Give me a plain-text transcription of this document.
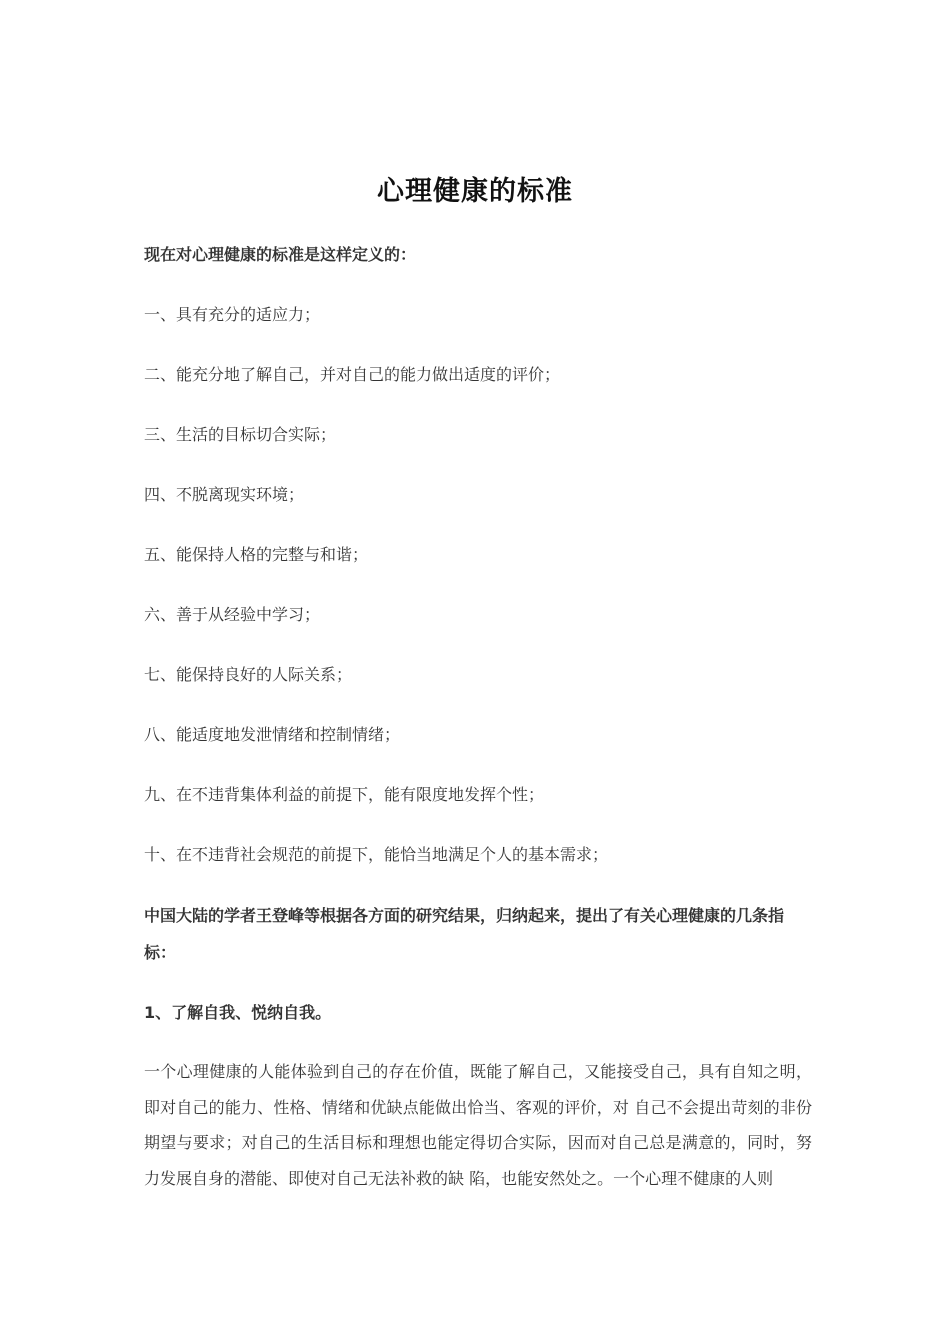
心理健康的标准

现在对心理健康的标准是这样定义的：

一、具有充分的适应力；
二、能充分地了解自己，并对自己的能力做出适度的评价；
三、生活的目标切合实际；
四、不脱离现实环境；
五、能保持人格的完整与和谐；
六、善于从经验中学习；
七、能保持良好的人际关系；
八、能适度地发泄情绪和控制情绪；
九、在不违背集体利益的前提下，能有限度地发挥个性；
十、在不违背社会规范的前提下，能恰当地满足个人的基本需求；

中国大陆的学者王登峰等根据各方面的研究结果，归纳起来，提出了有关心理健康的几条指标：

1、了解自我、悦纳自我。

一个心理健康的人能体验到自己的存在价值，既能了解自己，又能接受自己，具有自知之明，即对自己的能力、性格、情绪和优缺点能做出恰当、客观的评价，对 自己不会提出苛刻的非份期望与要求；对自己的生活目标和理想也能定得切合实际，因而对自己总是满意的，同时，努力发展自身的潜能、即使对自己无法补救的缺 陷，也能安然处之。一个心理不健康的人则
